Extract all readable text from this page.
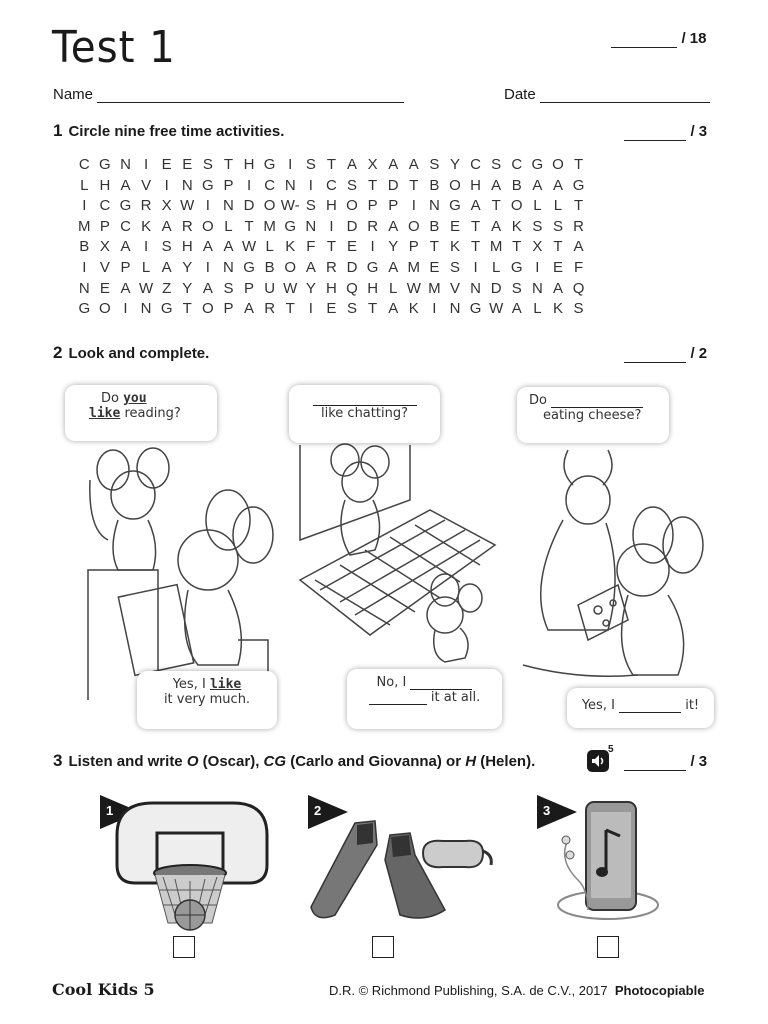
Test 1	/ 18
Name	Date
1 Circle nine free time activities.	/ 3
C G N I E E S T H G I S T A X A A S Y C S C G O T
L H A V I N G P I C N I C S T D T B O H A B A A G
I C G R X W I N D O W- S H O P P I N G A T O L L T
M P C K A R O L T M G N I D R A O B E T A K S S R
B X A I S H A A W L K F T E I Y P T K T M T X T A
I V P L A Y I N G B O A R D G A M E S I L G I E F
N E A W Z Y A S P U W Y H Q H L W M V N D S N A Q
G O I N G T O P A R T I E S T A K I N G W A L K S
2 Look and complete.	/ 2
Do you
like reading?
Yes, I like
it very much.

like chatting?
No, I
it at all.
Do
eating cheese?
Yes, I	it!
3 Listen and write O (Oscar), CG (Carlo and Giovanna) or H (Helen).
5
/ 3
1	2	3
Cool Kids 5	D.R. © Richmond Publishing, S.A. de C.V., 2017 Photocopiable
